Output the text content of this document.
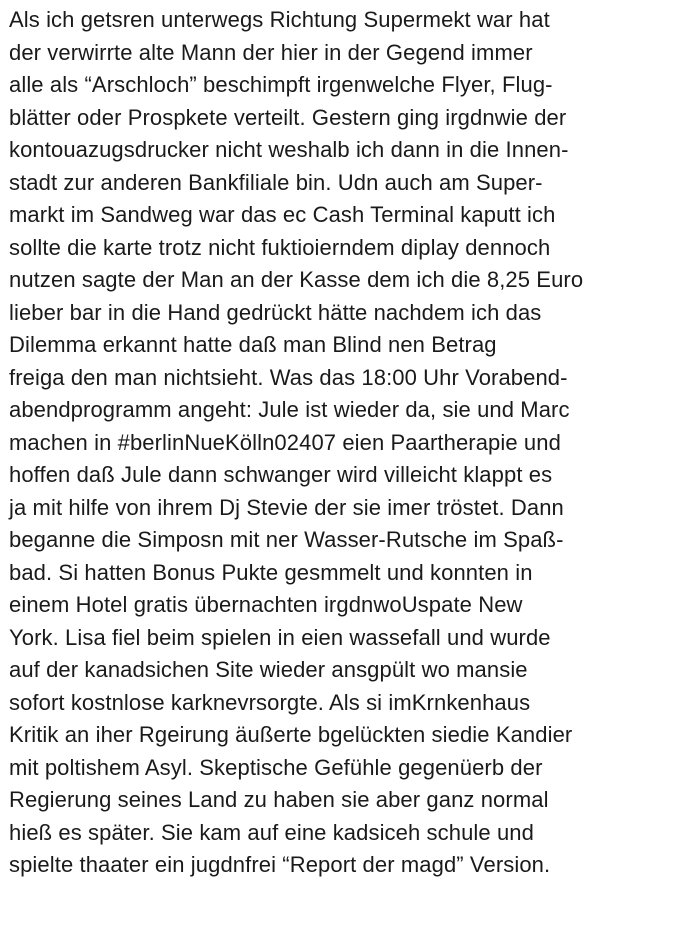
Als ich getsren unterwegs Richtung Supermekt war hat
der verwirrte alte Mann der hier in der Gegend immer
alle als “Arschloch” beschimpft irgenwelche Flyer, Flug-
blätter oder Prospkete verteilt. Gestern ging irgdnwie der
kontouazugsdrucker nicht weshalb ich dann in die Innen-
stadt zur anderen Bankfiliale bin. Udn auch am Super-
markt im Sandweg war das ec Cash Terminal kaputt ich
sollte die karte trotz nicht fuktioierndem diplay dennoch
nutzen sagte der Man an der Kasse dem ich die 8,25 Euro
lieber bar in die Hand gedrückt hätte nachdem ich das
Dilemma erkannt hatte daß man Blind nen Betrag
freiga den man nichtsieht. Was das 18:00 Uhr Vorabend-
abendprogramm angeht: Jule ist wieder da, sie und Marc
machen in #berlinNueKölln02407 eien Paartherapie und
hoffen daß Jule dann schwanger wird villeicht klappt es
ja mit hilfe von ihrem Dj Stevie der sie imer tröstet. Dann
beganne die Simposn mit ner Wasser-Rutsche im Spaß-
bad. Si hatten Bonus Pukte gesmmelt und konnten in
einem Hotel gratis übernachten irgdnwoUspate New
York. Lisa fiel beim spielen in eien wassefall und wurde
auf der kanadsichen Site wieder ansgpült wo mansie
sofort kostnlose karknevrsorgte. Als si imKrnkenhaus
Kritik an iher Rgeirung äußerte bgelückten siedie Kandier
mit poltishem Asyl. Skeptische Gefühle gegenüerb der
Regierung seines Land zu haben sie aber ganz normal
hieß es später. Sie kam auf eine kadsiceh schule und
spielte thaater ein jugdnfrei “Report der magd” Version.
